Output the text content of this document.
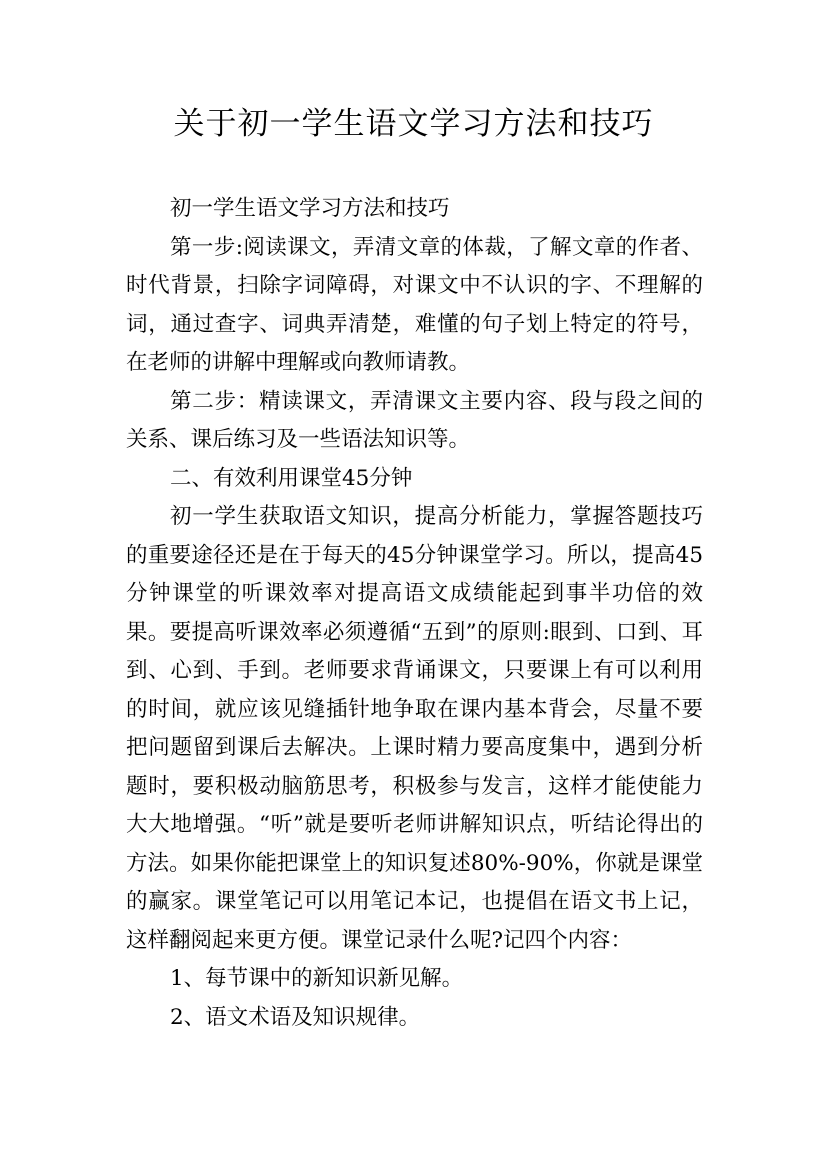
关于初一学生语文学习方法和技巧

初一学生语文学习方法和技巧

第一步:阅读课文，弄清文章的体裁，了解文章的作者、时代背景，扫除字词障碍，对课文中不认识的字、不理解的词，通过查字、词典弄清楚，难懂的句子划上特定的符号，在老师的讲解中理解或向教师请教。

第二步：精读课文，弄清课文主要内容、段与段之间的关系、课后练习及一些语法知识等。

二、有效利用课堂45分钟

初一学生获取语文知识，提高分析能力，掌握答题技巧的重要途径还是在于每天的45分钟课堂学习。所以，提高45分钟课堂的听课效率对提高语文成绩能起到事半功倍的效果。要提高听课效率必须遵循“五到”的原则:眼到、口到、耳到、心到、手到。老师要求背诵课文，只要课上有可以利用的时间，就应该见缝插针地争取在课内基本背会，尽量不要把问题留到课后去解决。上课时精力要高度集中，遇到分析题时，要积极动脑筋思考，积极参与发言，这样才能使能力大大地增强。“听”就是要听老师讲解知识点，听结论得出的方法。如果你能把课堂上的知识复述80%-90%，你就是课堂的赢家。课堂笔记可以用笔记本记，也提倡在语文书上记，这样翻阅起来更方便。课堂记录什么呢?记四个内容：

1、每节课中的新知识新见解。

2、语文术语及知识规律。
